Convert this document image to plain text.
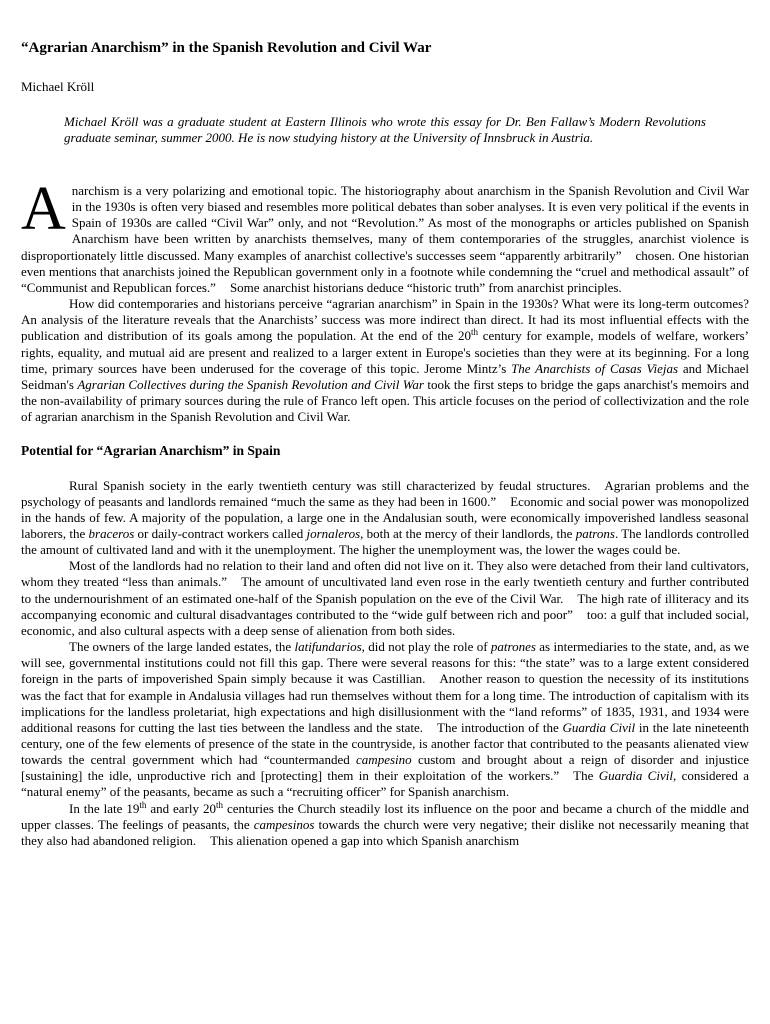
“Agrarian Anarchism” in the Spanish Revolution and Civil War
Michael Kröll

Michael Kröll was a graduate student at Eastern Illinois who wrote this essay for Dr. Ben Fallaw’s Modern Revolutions graduate seminar, summer 2000. He is now studying history at the University of Innsbruck in Austria.

Anarchism is a very polarizing and emotional topic. The historiography about anarchism in the Spanish Revolution and Civil War in the 1930s is often very biased and resembles more political debates than sober analyses. It is even very political if the events in Spain of 1930s are called “Civil War” only, and not “Revolution.” As most of the monographs or articles published on Spanish Anarchism have been written by anarchists themselves, many of them contemporaries of the struggles, anarchist violence is disproportionately little discussed. Many examples of anarchist collective's successes seem “apparently arbitrarily” chosen. One historian even mentions that anarchists joined the Republican government only in a footnote while condemning the “cruel and methodical assault” of “Communist and Republican forces.” Some anarchist historians deduce “historic truth” from anarchist principles.

How did contemporaries and historians perceive “agrarian anarchism” in Spain in the 1930s? What were its long-term outcomes? An analysis of the literature reveals that the Anarchists’ success was more indirect than direct. It had its most influential effects with the publication and distribution of its goals among the population. At the end of the 20th century for example, models of welfare, workers’ rights, equality, and mutual aid are present and realized to a larger extent in Europe's societies than they were at its beginning. For a long time, primary sources have been underused for the coverage of this topic. Jerome Mintz’s The Anarchists of Casas Viejas and Michael Seidman's Agrarian Collectives during the Spanish Revolution and Civil War took the first steps to bridge the gaps anarchist's memoirs and the non-availability of primary sources during the rule of Franco left open. This article focuses on the period of collectivization and the role of agrarian anarchism in the Spanish Revolution and Civil War.

Potential for “Agrarian Anarchism” in Spain

Rural Spanish society in the early twentieth century was still characterized by feudal structures. Agrarian problems and the psychology of peasants and landlords remained “much the same as they had been in 1600.” Economic and social power was monopolized in the hands of few. A majority of the population, a large one in the Andalusian south, were economically impoverished landless seasonal laborers, the braceros or daily-contract workers called jornaleros, both at the mercy of their landlords, the patrons. The landlords controlled the amount of cultivated land and with it the unemployment. The higher the unemployment was, the lower the wages could be.

Most of the landlords had no relation to their land and often did not live on it. They also were detached from their land cultivators, whom they treated “less than animals.” The amount of uncultivated land even rose in the early twentieth century and further contributed to the undernourishment of an estimated one-half of the Spanish population on the eve of the Civil War. The high rate of illiteracy and its accompanying economic and cultural disadvantages contributed to the “wide gulf between rich and poor” too: a gulf that included social, economic, and also cultural aspects with a deep sense of alienation from both sides.

The owners of the large landed estates, the latifundarios, did not play the role of patrones as intermediaries to the state, and, as we will see, governmental institutions could not fill this gap. There were several reasons for this: “the state” was to a large extent considered foreign in the parts of impoverished Spain simply because it was Castillian. Another reason to question the necessity of its institutions was the fact that for example in Andalusia villages had run themselves without them for a long time. The introduction of capitalism with its implications for the landless proletariat, high expectations and high disillusionment with the “land reforms” of 1835, 1931, and 1934 were additional reasons for cutting the last ties between the landless and the state. The introduction of the Guardia Civil in the late nineteenth century, one of the few elements of presence of the state in the countryside, is another factor that contributed to the peasants alienated view towards the central government which had “countermanded campesino custom and brought about a reign of disorder and injustice [sustaining] the idle, unproductive rich and [protecting] them in their exploitation of the workers.” The Guardia Civil, considered a “natural enemy” of the peasants, became as such a “recruiting officer” for Spanish anarchism.

In the late 19th and early 20th centuries the Church steadily lost its influence on the poor and became a church of the middle and upper classes. The feelings of peasants, the campesinos towards the church were very negative; their dislike not necessarily meaning that they also had abandoned religion. This alienation opened a gap into which Spanish anarchism
